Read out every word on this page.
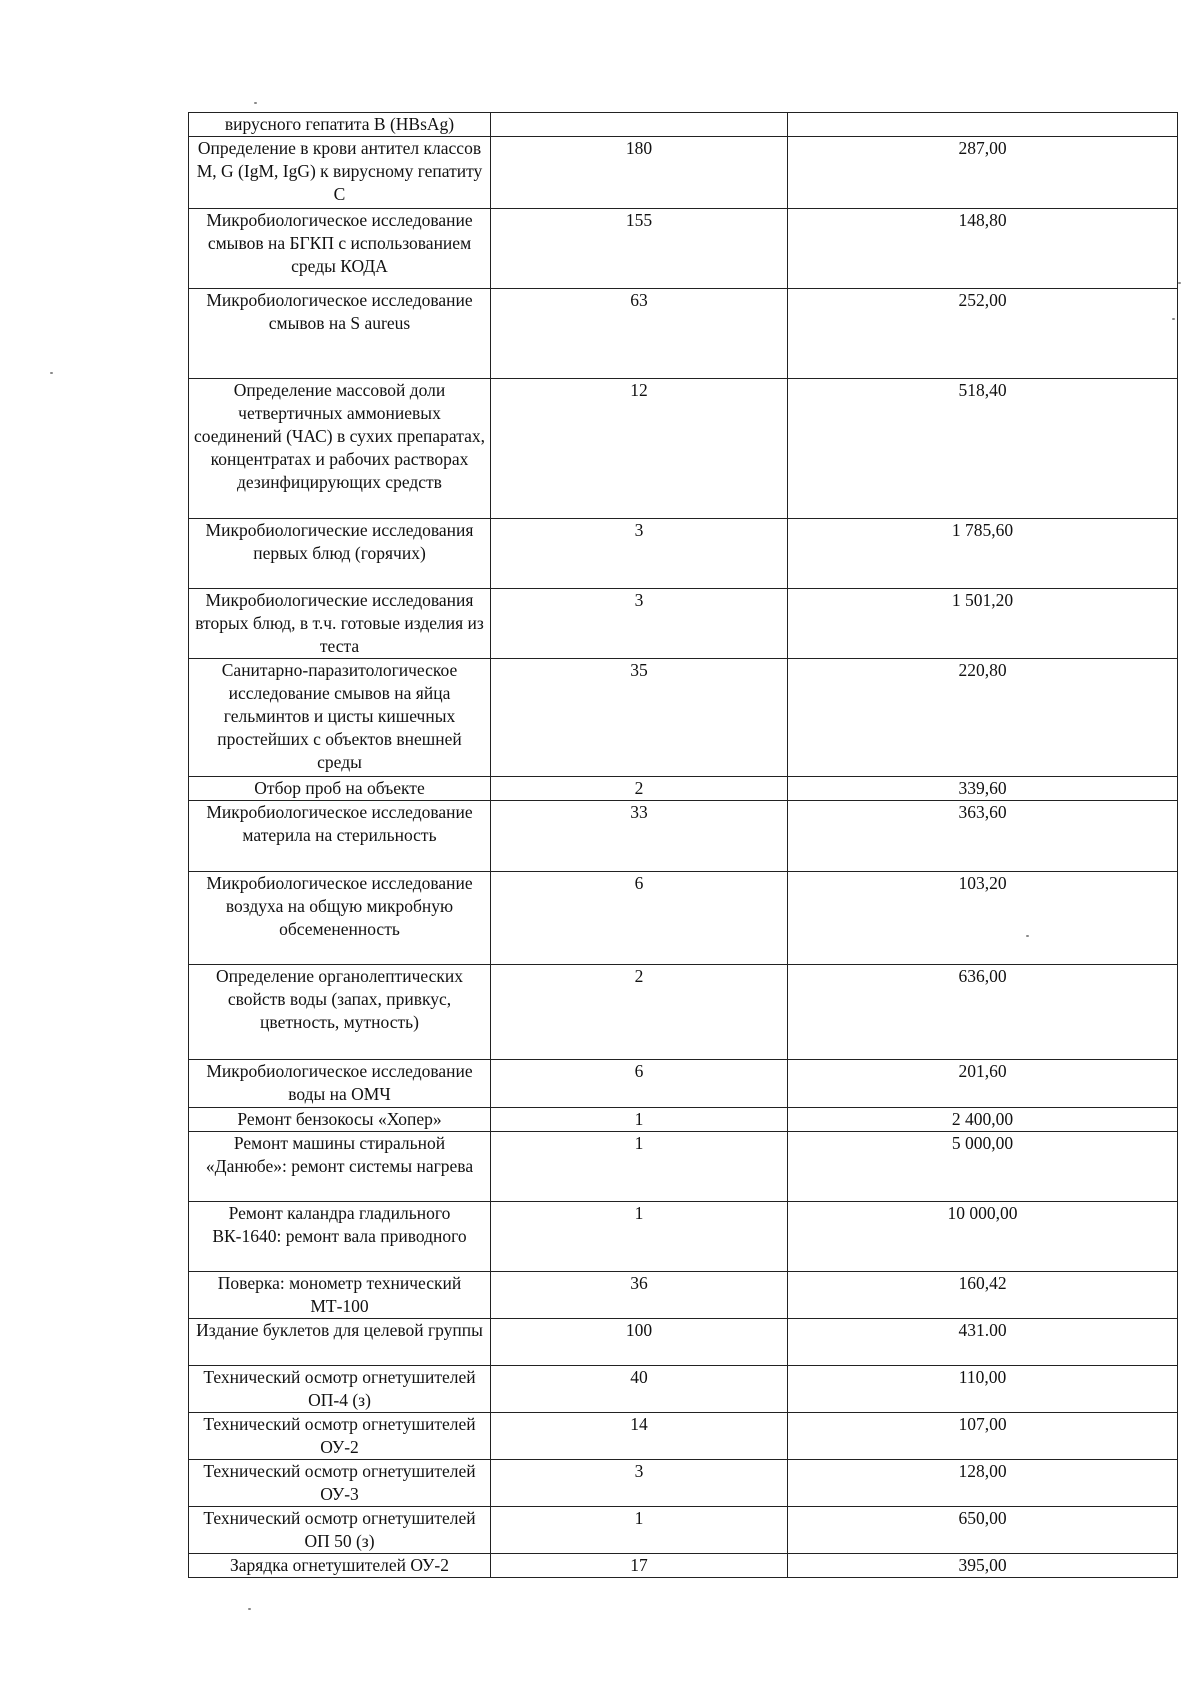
вирусного гепатита В (HBsAg)		
Определение в крови антител классов М, G (IgM, IgG) к вирусному гепатиту С	180	287,00
Микробиологическое исследование смывов на БГКП с использованием среды КОДА	155	148,80
Микробиологическое исследование смывов на S aureus	63	252,00
Определение массовой доли четвертичных аммониевых соединений (ЧАС) в сухих препаратах, концентратах и рабочих растворах дезинфицирующих средств	12	518,40
Микробиологические исследования первых блюд (горячих)	3	1 785,60
Микробиологические исследования вторых блюд, в т.ч. готовые изделия из теста	3	1 501,20
Санитарно-паразитологическое исследование смывов на яйца гельминтов и цисты кишечных простейших с объектов внешней среды	35	220,80
Отбор проб на объекте	2	339,60
Микробиологическое исследование материла на стерильность	33	363,60
Микробиологическое исследование воздуха на общую микробную обсемененность	6	103,20
Определение органолептических свойств воды (запах, привкус, цветность, мутность)	2	636,00
Микробиологическое исследование воды на ОМЧ	6	201,60
Ремонт бензокосы «Хопер»	1	2 400,00
Ремонт машины стиральной «Данюбе»: ремонт системы нагрева	1	5 000,00
Ремонт каландра гладильного ВК-1640: ремонт вала приводного	1	10 000,00
Поверка: монометр технический МТ-100	36	160,42
Издание буклетов для целевой группы	100	431.00
Технический осмотр огнетушителей ОП-4 (з)	40	110,00
Технический осмотр огнетушителей ОУ-2	14	107,00
Технический осмотр огнетушителей ОУ-3	3	128,00
Технический осмотр огнетушителей ОП 50 (з)	1	650,00
Зарядка огнетушителей ОУ-2	17	395,00
